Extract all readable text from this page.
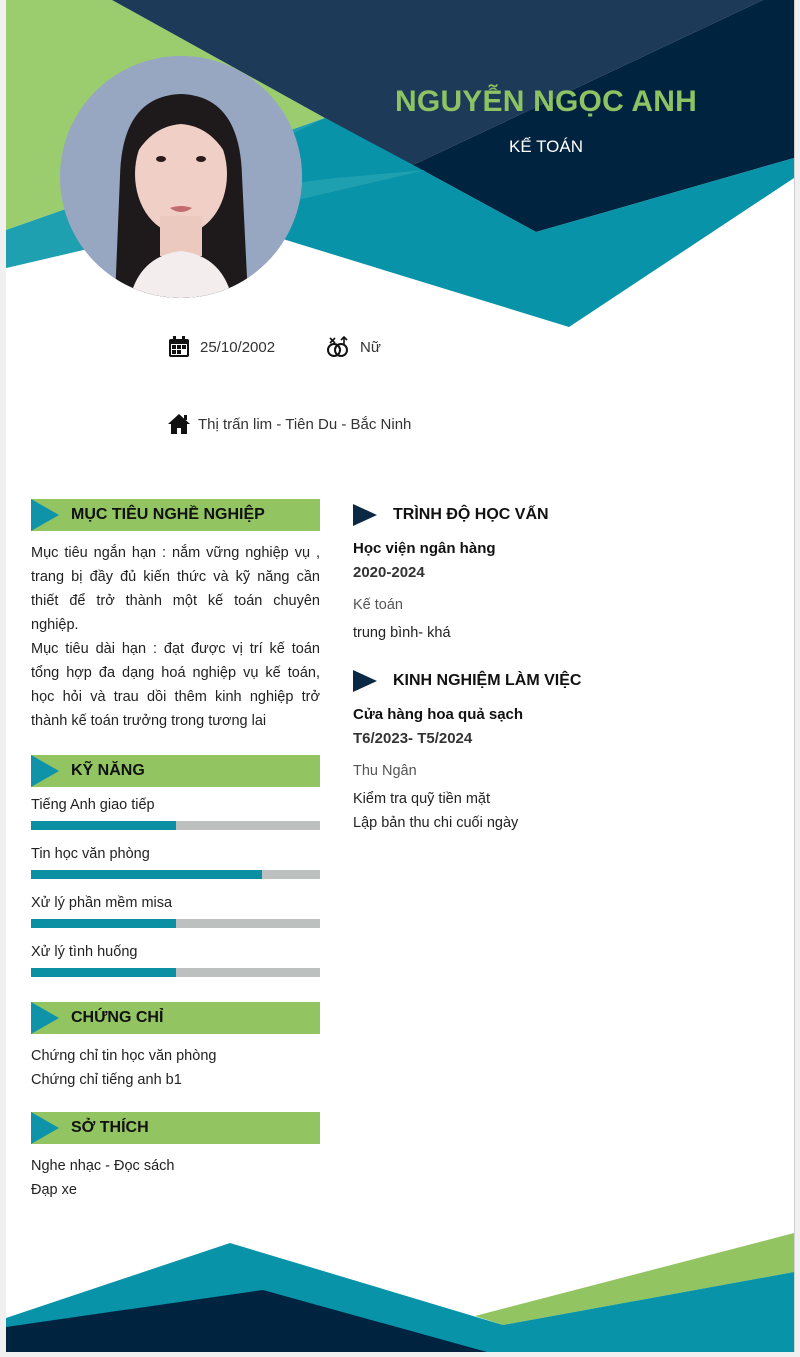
NGUYỄN NGỌC ANH
KẾ TOÁN
25/10/2002	Nữ
Thị trấn lim - Tiên Du - Bắc Ninh
MỤC TIÊU NGHỀ NGHIỆP

Mục tiêu ngắn hạn : nắm vững nghiệp vụ , trang bị đầy đủ kiến thức và kỹ năng cần thiết để trở thành một kế toán chuyên nghiệp.

Mục tiêu dài hạn : đạt được vị trí kế toán tổng hợp đa dạng hoá nghiệp vụ kế toán, học hỏi và trau dồi thêm kinh nghiệp trở thành kế toán trưởng trong tương lai

KỸ NĂNG
Tiếng Anh giao tiếp
Tin học văn phòng
Xử lý phần mềm misa
Xử lý tình huống
CHỨNG CHỈ
Chứng chỉ tin học văn phòng
Chứng chỉ tiếng anh b1
SỞ THÍCH
Nghe nhạc - Đọc sách
Đạp xe
TRÌNH ĐỘ HỌC VẤN
Học viện ngân hàng
2020-2024
Kế toán
trung bình- khá
KINH NGHIỆM LÀM VIỆC
Cửa hàng hoa quả sạch
T6/2023- T5/2024
Thu Ngân
Kiểm tra quỹ tiền mặt
Lập bản thu chi cuối ngày
